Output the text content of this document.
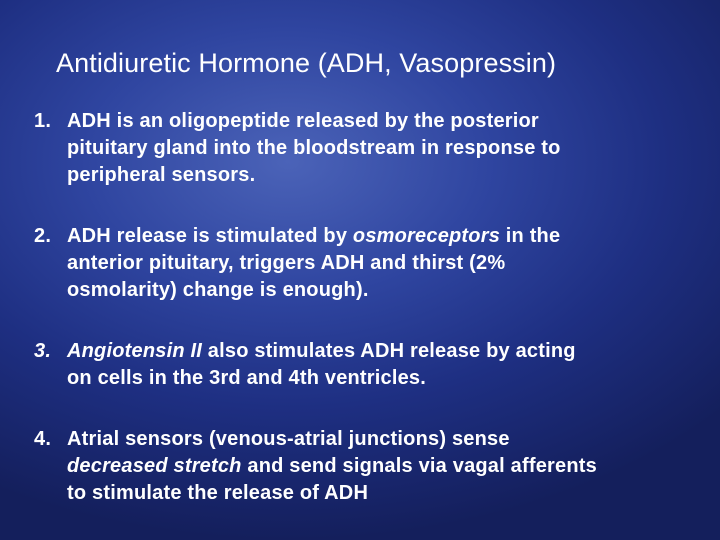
Antidiuretic Hormone (ADH, Vasopressin)
1. ADH is an oligopeptide released by the posterior
pituitary gland into the bloodstream in response to
peripheral sensors.
2. ADH release is stimulated by osmoreceptors in the
anterior pituitary, triggers ADH and thirst (2%
osmolarity) change is enough).
3. Angiotensin II also stimulates ADH release by acting
on cells in the 3rd and 4th ventricles.
4. Atrial sensors (venous-atrial junctions) sense
decreased stretch and send signals via vagal afferents
to stimulate the release of ADH
